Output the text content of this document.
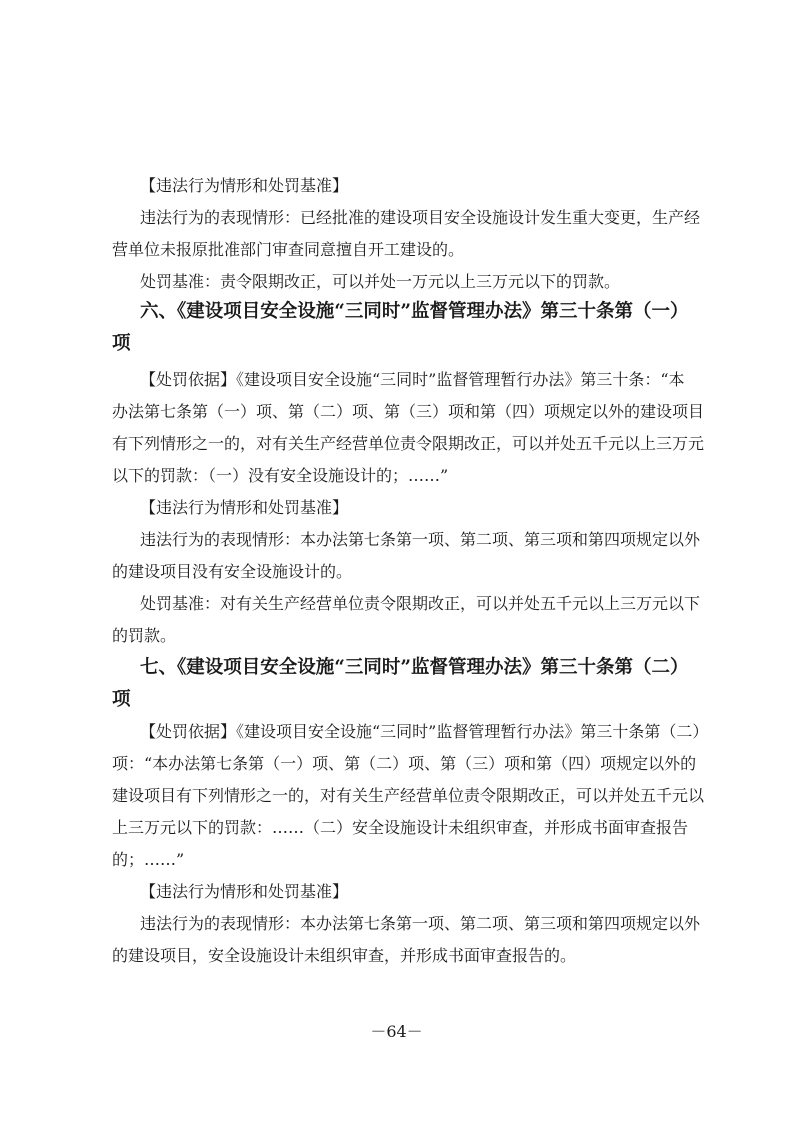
【违法行为情形和处罚基准】
违法行为的表现情形：已经批准的建设项目安全设施设计发生重大变更，生产经
营单位未报原批准部门审查同意擅自开工建设的。
处罚基准：责令限期改正，可以并处一万元以上三万元以下的罚款。
六、《建设项目安全设施“三同时”监督管理办法》第三十条第（一）
项
【处罚依据】《建设项目安全设施“三同时”监督管理暂行办法》第三十条：“本
办法第七条第（一）项、第（二）项、第（三）项和第（四）项规定以外的建设项目
有下列情形之一的，对有关生产经营单位责令限期改正，可以并处五千元以上三万元
以下的罚款：（一）没有安全设施设计的；……”
【违法行为情形和处罚基准】
违法行为的表现情形：本办法第七条第一项、第二项、第三项和第四项规定以外
的建设项目没有安全设施设计的。
处罚基准：对有关生产经营单位责令限期改正，可以并处五千元以上三万元以下
的罚款。
七、《建设项目安全设施“三同时”监督管理办法》第三十条第（二）
项
【处罚依据】《建设项目安全设施“三同时”监督管理暂行办法》第三十条第（二）
项：“本办法第七条第（一）项、第（二）项、第（三）项和第（四）项规定以外的
建设项目有下列情形之一的，对有关生产经营单位责令限期改正，可以并处五千元以
上三万元以下的罚款：……（二）安全设施设计未组织审查，并形成书面审查报告
的；……”
【违法行为情形和处罚基准】
违法行为的表现情形：本办法第七条第一项、第二项、第三项和第四项规定以外
的建设项目，安全设施设计未组织审查，并形成书面审查报告的。
－64－
